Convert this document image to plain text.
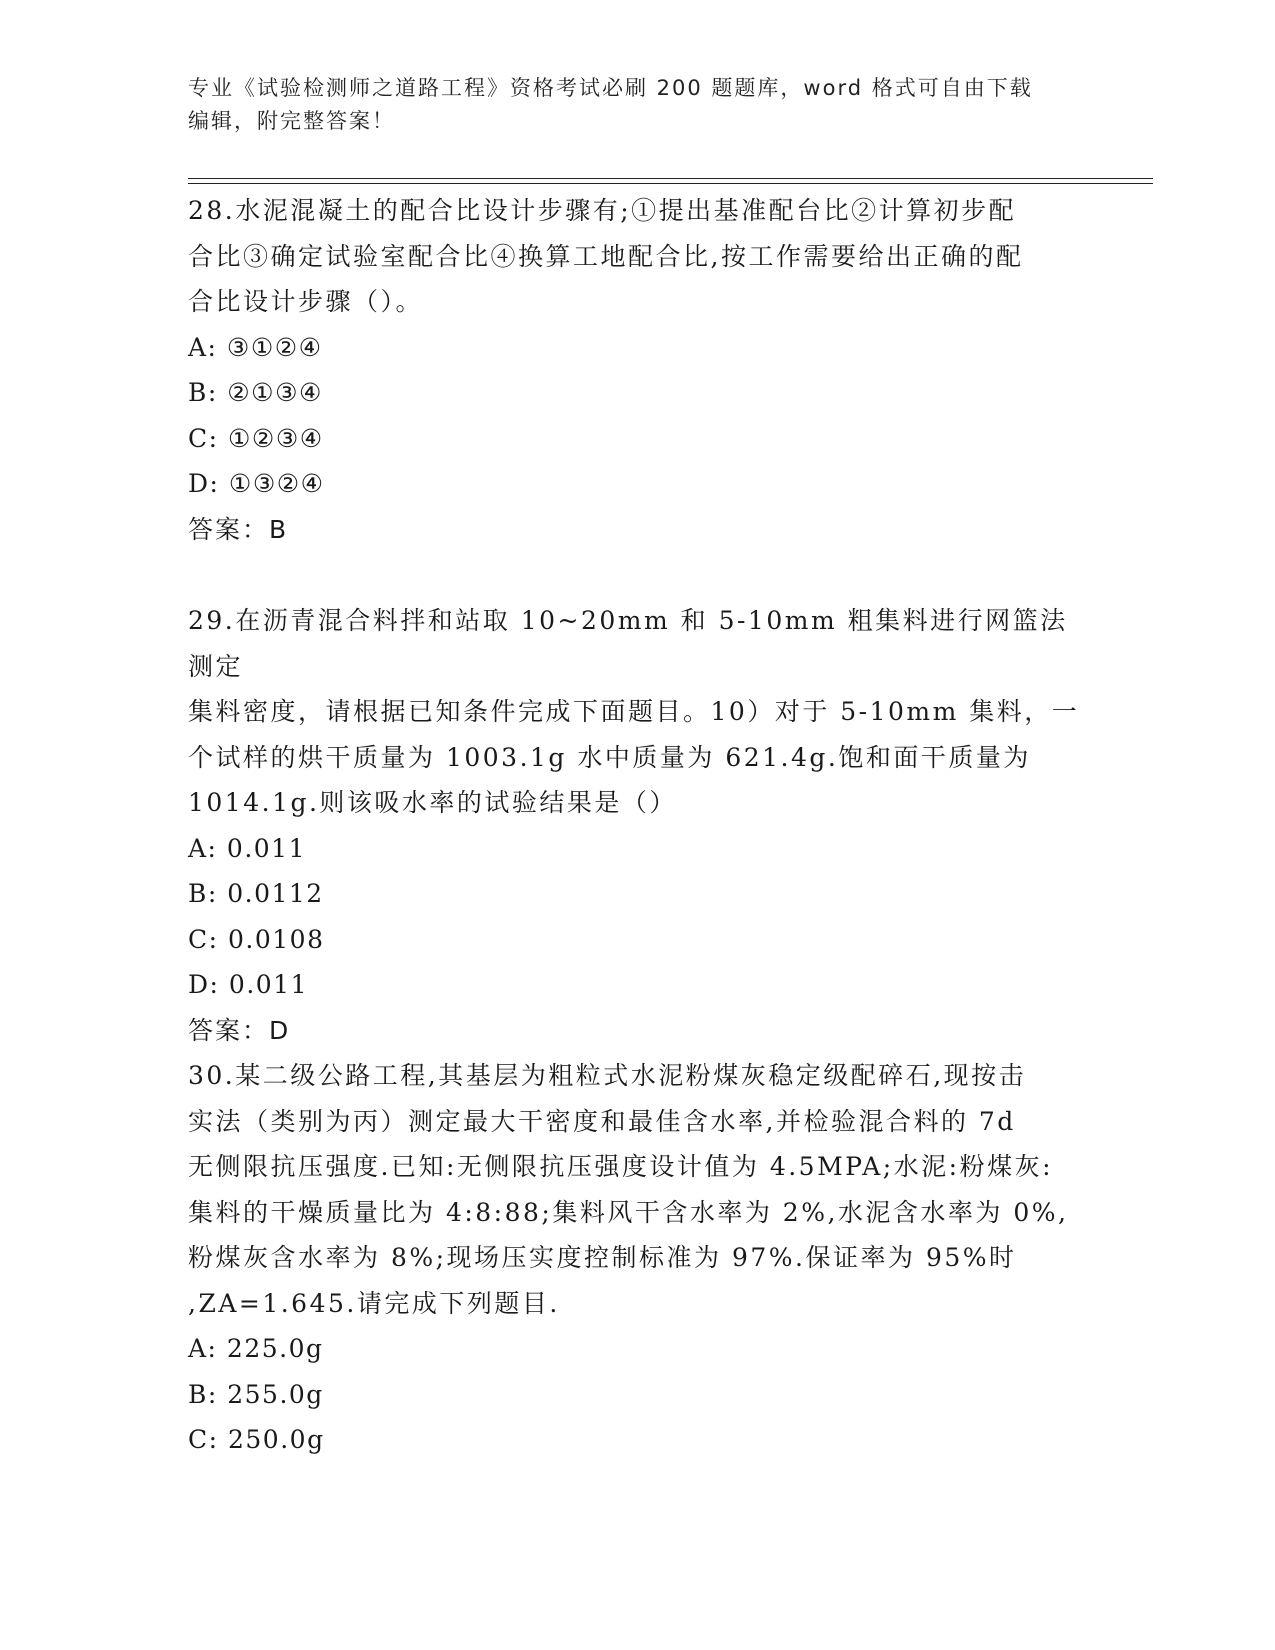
专业《试验检测师之道路工程》资格考试必刷 200 题题库，word 格式可自由下载
编辑，附完整答案！

28.水泥混凝土的配合比设计步骤有;①提出基准配台比②计算初步配

合比③确定试验室配合比④换算工地配合比,按工作需要给出正确的配

合比设计步骤（）。

A: ③①②④

B: ②①③④

C: ①②③④

D: ①③②④

答案：B

29.在沥青混合料拌和站取 10~20mm 和 5-10mm 粗集料进行网篮法测定

集料密度，请根据已知条件完成下面题目。10）对于 5-10mm 集料，一

个试样的烘干质量为 1003.1g 水中质量为 621.4g.饱和面干质量为

1014.1g.则该吸水率的试验结果是（）

A: 0.011

B: 0.0112

C: 0.0108

D: 0.011

答案：D

30.某二级公路工程,其基层为粗粒式水泥粉煤灰稳定级配碎石,现按击

实法（类别为丙）测定最大干密度和最佳含水率,并检验混合料的 7d

无侧限抗压强度.已知:无侧限抗压强度设计值为 4.5MPA;水泥:粉煤灰:

集料的干燥质量比为 4:8:88;集料风干含水率为 2%,水泥含水率为 0%,

粉煤灰含水率为 8%;现场压实度控制标准为 97%.保证率为 95%时

,ZA=1.645.请完成下列题目.

A: 225.0g

B: 255.0g

C: 250.0g
